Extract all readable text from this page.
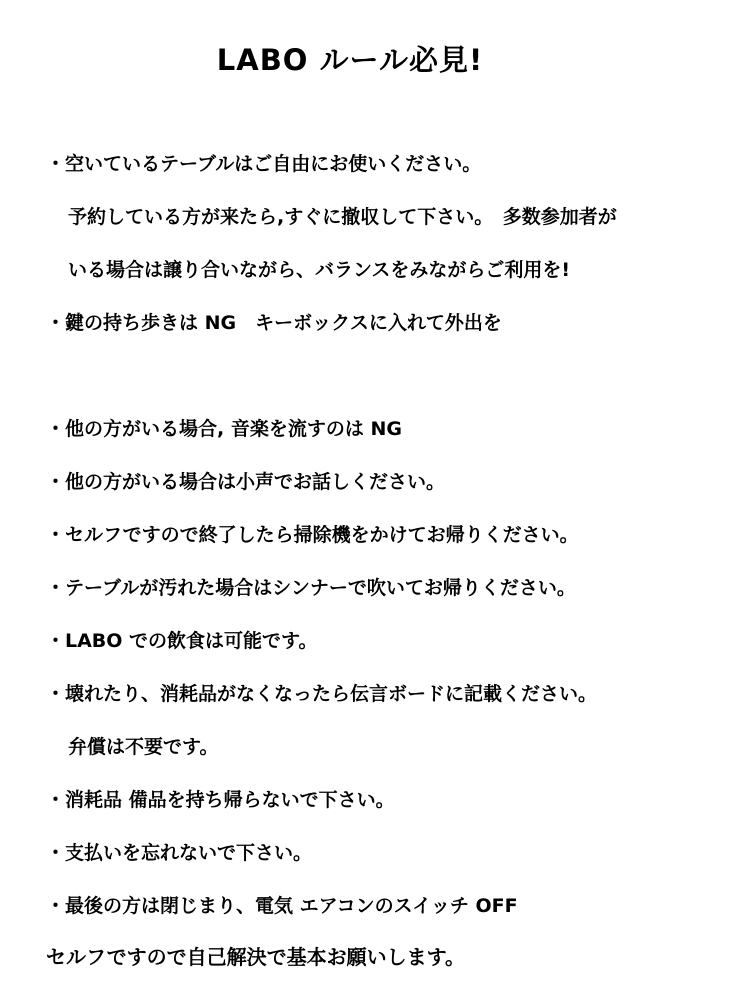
LABO ルール必見!
・空いているテーブルはご自由にお使いください。
予約している方が来たら,すぐに撤収して下さい。　多数参加者が
いる場合は譲り合いながら、バランスをみながらご利用を!
・鍵の持ち歩きは NG　キーボックスに入れて外出を
・他の方がいる場合, 音楽を流すのは NG
・他の方がいる場合は小声でお話しください。
・セルフですので終了したら掃除機をかけてお帰りください。
・テーブルが汚れた場合はシンナーで吹いてお帰りください。
・LABO での飲食は可能です。
・壊れたり、消耗品がなくなったら伝言ボードに記載ください。
弁償は不要です。
・消耗品 備品を持ち帰らないで下さい。
・支払いを忘れないで下さい。
・最後の方は閉じまり、電気 エアコンのスイッチ OFF
セルフですので自己解決で基本お願いします。
